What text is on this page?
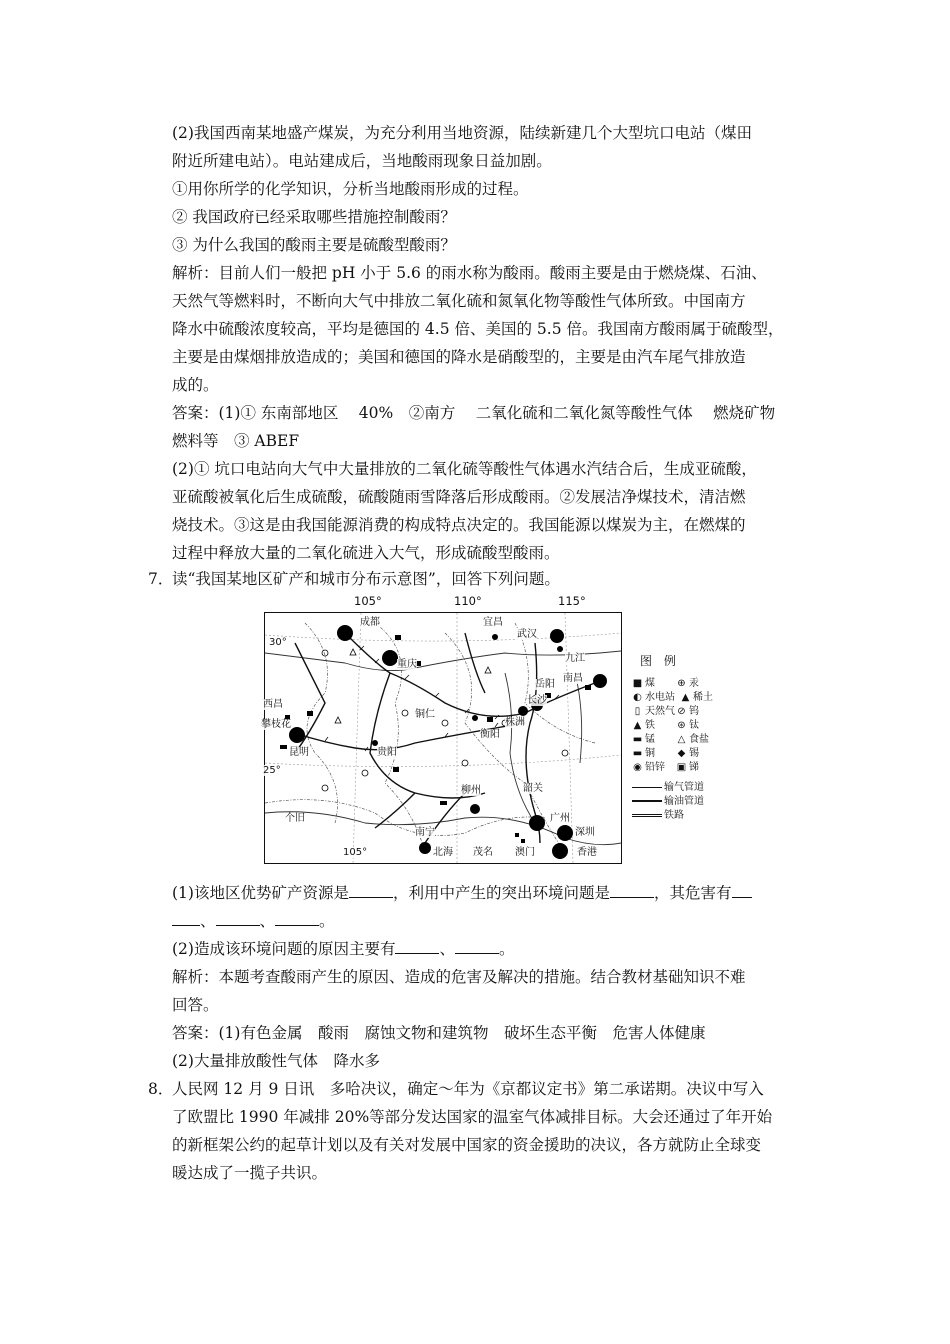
(2)我国西南某地盛产煤炭，为充分利用当地资源，陆续新建几个大型坑口电站（煤田
附近所建电站）。电站建成后，当地酸雨现象日益加剧。
①用你所学的化学知识，分析当地酸雨形成的过程。
② 我国政府已经采取哪些措施控制酸雨？
③ 为什么我国的酸雨主要是硫酸型酸雨？
解析：目前人们一般把 pH 小于 5.6 的雨水称为酸雨。酸雨主要是由于燃烧煤、石油、
天然气等燃料时，不断向大气中排放二氧化硫和氮氧化物等酸性气体所致。中国南方
降水中硫酸浓度较高，平均是德国的 4.5 倍、美国的 5.5 倍。我国南方酸雨属于硫酸型，
主要是由煤烟排放造成的；美国和德国的降水是硝酸型的，主要是由汽车尾气排放造
成的。
答案：(1)① 东南部地区　 40%　②南方　 二氧化硫和二氧化氮等酸性气体　 燃烧矿物
燃料等　③ ABEF
(2)① 坑口电站向大气中大量排放的二氧化硫等酸性气体遇水汽结合后，生成亚硫酸，
亚硫酸被氧化后生成硫酸，硫酸随雨雪降落后形成酸雨。②发展洁净煤技术，清洁燃
烧技术。③这是由我国能源消费的构成特点决定的。我国能源以煤炭为主，在燃煤的
过程中释放大量的二氧化硫进入大气，形成硫酸型酸雨。
7．读“我国某地区矿产和城市分布示意图”，回答下列问题。
105°	110°	115°
成都
重庆
宜昌
武汉
九江
南昌
岳阳
长沙
株洲
衡阳
铜仁
贵阳
西昌
攀枝花
昆明
个旧
柳州	韶关
广州
南宁
北海 茂名 澳门
深圳
香港
30°
25°
105°
图 例
■ 煤 ⊕ 汞
◐ 水电站 ▲ 稀土
▯ 天然气 ⊘ 钨
▲ 铁 ⊛ 钛
▬ 锰 △ 食盐
▬ 铜 ◆ 锡
◉ 铅锌 ▣ 锑
输气管道
输油管道
铁路
(1)该地区优势矿产资源是	，利用中产生的突出环境问题是	，其危害有
、	、	。
(2)造成该环境问题的原因主要有	、	。
解析：本题考查酸雨产生的原因、造成的危害及解决的措施。结合教材基础知识不难
回答。
答案：(1)有色金属　酸雨　腐蚀文物和建筑物　破坏生态平衡　危害人体健康
(2)大量排放酸性气体　降水多
8．人民网 12 月 9 日讯　多哈决议，确定～年为《京都议定书》第二承诺期。决议中写入
了欧盟比 1990 年减排 20%等部分发达国家的温室气体减排目标。大会还通过了年开始
的新框架公约的起草计划以及有关对发展中国家的资金援助的决议，各方就防止全球变
暖达成了一揽子共识。
